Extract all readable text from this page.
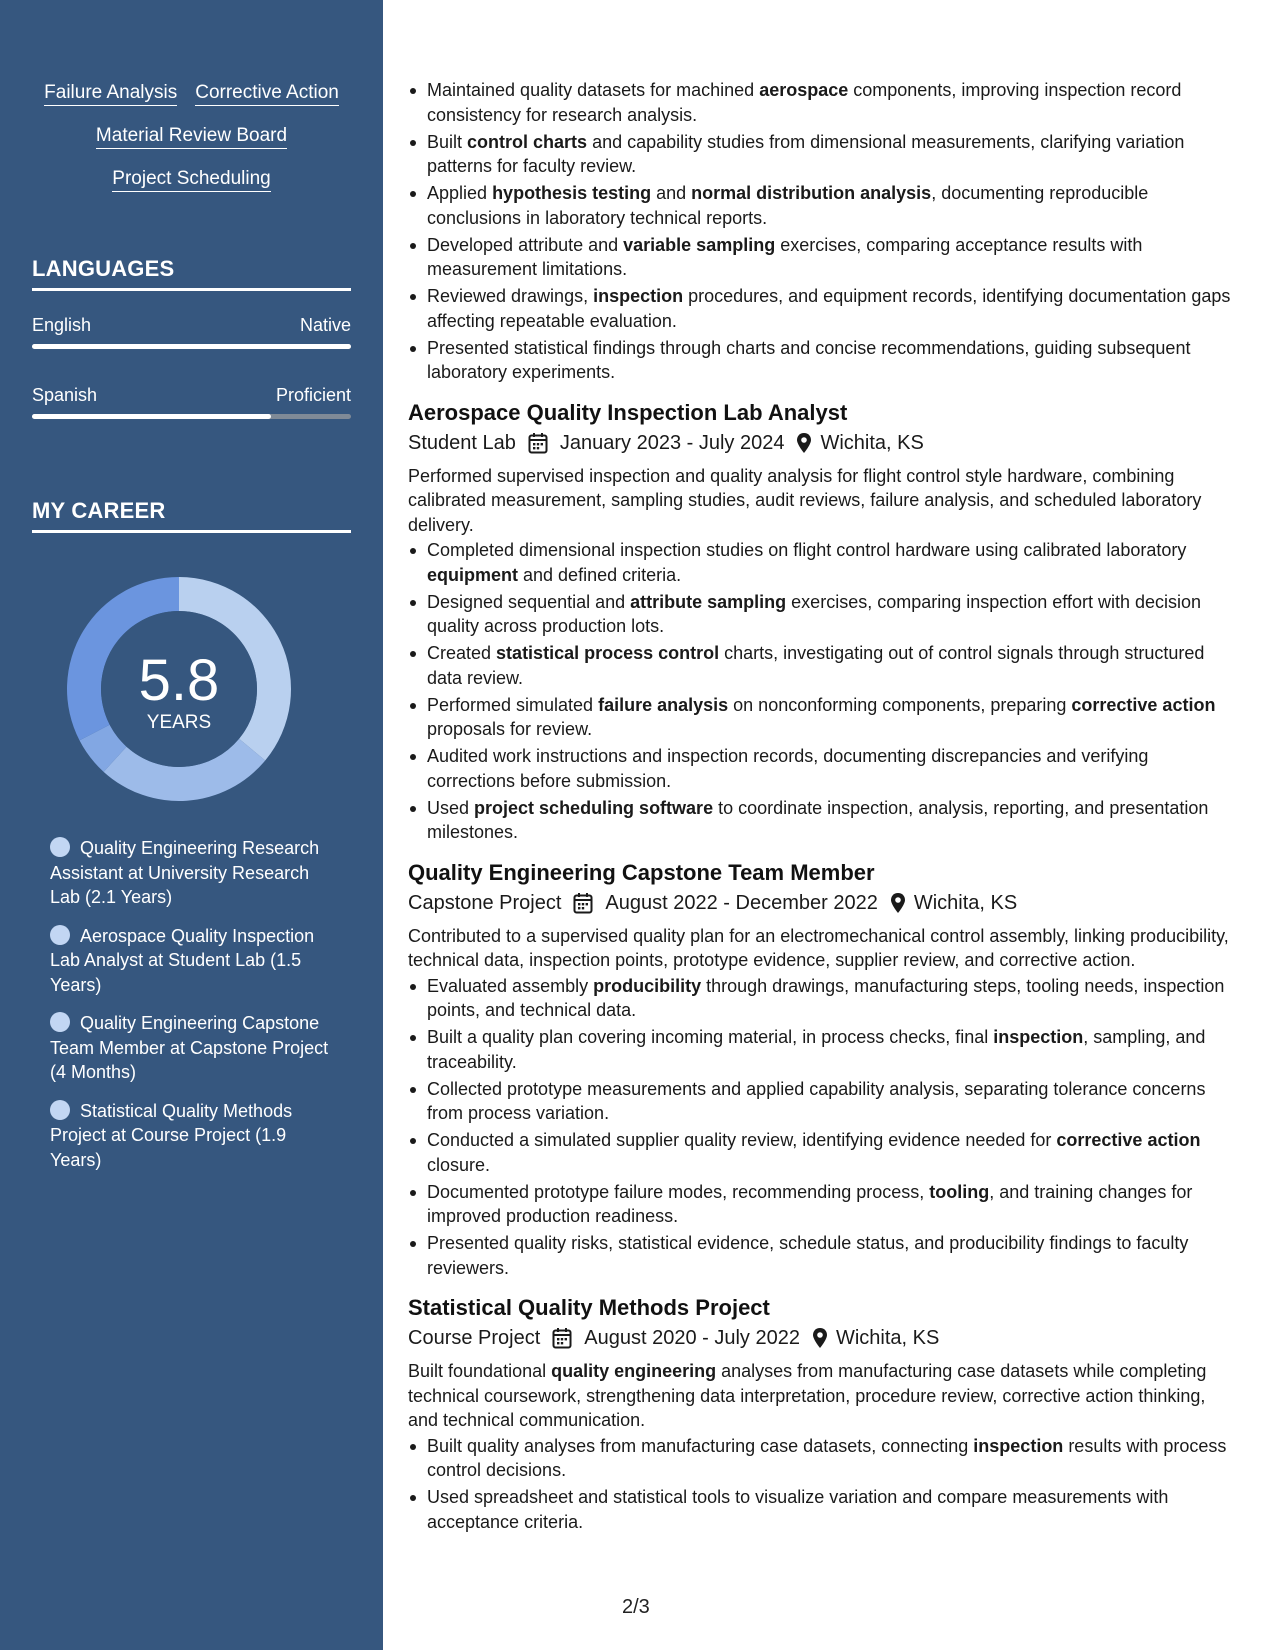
Failure Analysis Corrective Action
Material Review Board
Project Scheduling
LANGUAGES
English	Native
Spanish	Proficient
MY CAREER
5.8
YEARS
Quality Engineering Research Assistant at University Research Lab (2.1 Years)
Aerospace Quality Inspection Lab Analyst at Student Lab (1.5 Years)
Quality Engineering Capstone Team Member at Capstone Project (4 Months)
Statistical Quality Methods Project at Course Project (1.9 Years)
Maintained quality datasets for machined aerospace components, improving inspection record consistency for research analysis.
Built control charts and capability studies from dimensional measurements, clarifying variation patterns for faculty review.
Applied hypothesis testing and normal distribution analysis, documenting reproducible conclusions in laboratory technical reports.
Developed attribute and variable sampling exercises, comparing acceptance results with measurement limitations.
Reviewed drawings, inspection procedures, and equipment records, identifying documentation gaps affecting repeatable evaluation.
Presented statistical findings through charts and concise recommendations, guiding subsequent laboratory experiments.
Aerospace Quality Inspection Lab Analyst
Student Lab January 2023 - July 2024 Wichita, KS
Performed supervised inspection and quality analysis for flight control style hardware, combining calibrated measurement, sampling studies, audit reviews, failure analysis, and scheduled laboratory delivery.
Completed dimensional inspection studies on flight control hardware using calibrated laboratory equipment and defined criteria.
Designed sequential and attribute sampling exercises, comparing inspection effort with decision quality across production lots.
Created statistical process control charts, investigating out of control signals through structured data review.
Performed simulated failure analysis on nonconforming components, preparing corrective action proposals for review.
Audited work instructions and inspection records, documenting discrepancies and verifying corrections before submission.
Used project scheduling software to coordinate inspection, analysis, reporting, and presentation milestones.
Quality Engineering Capstone Team Member
Capstone Project August 2022 - December 2022 Wichita, KS
Contributed to a supervised quality plan for an electromechanical control assembly, linking producibility, technical data, inspection points, prototype evidence, supplier review, and corrective action.
Evaluated assembly producibility through drawings, manufacturing steps, tooling needs, inspection points, and technical data.
Built a quality plan covering incoming material, in process checks, final inspection, sampling, and traceability.
Collected prototype measurements and applied capability analysis, separating tolerance concerns from process variation.
Conducted a simulated supplier quality review, identifying evidence needed for corrective action closure.
Documented prototype failure modes, recommending process, tooling, and training changes for improved production readiness.
Presented quality risks, statistical evidence, schedule status, and producibility findings to faculty reviewers.
Statistical Quality Methods Project
Course Project August 2020 - July 2022 Wichita, KS
Built foundational quality engineering analyses from manufacturing case datasets while completing technical coursework, strengthening data interpretation, procedure review, corrective action thinking, and technical communication.
Built quality analyses from manufacturing case datasets, connecting inspection results with process control decisions.
Used spreadsheet and statistical tools to visualize variation and compare measurements with acceptance criteria.
2/3
